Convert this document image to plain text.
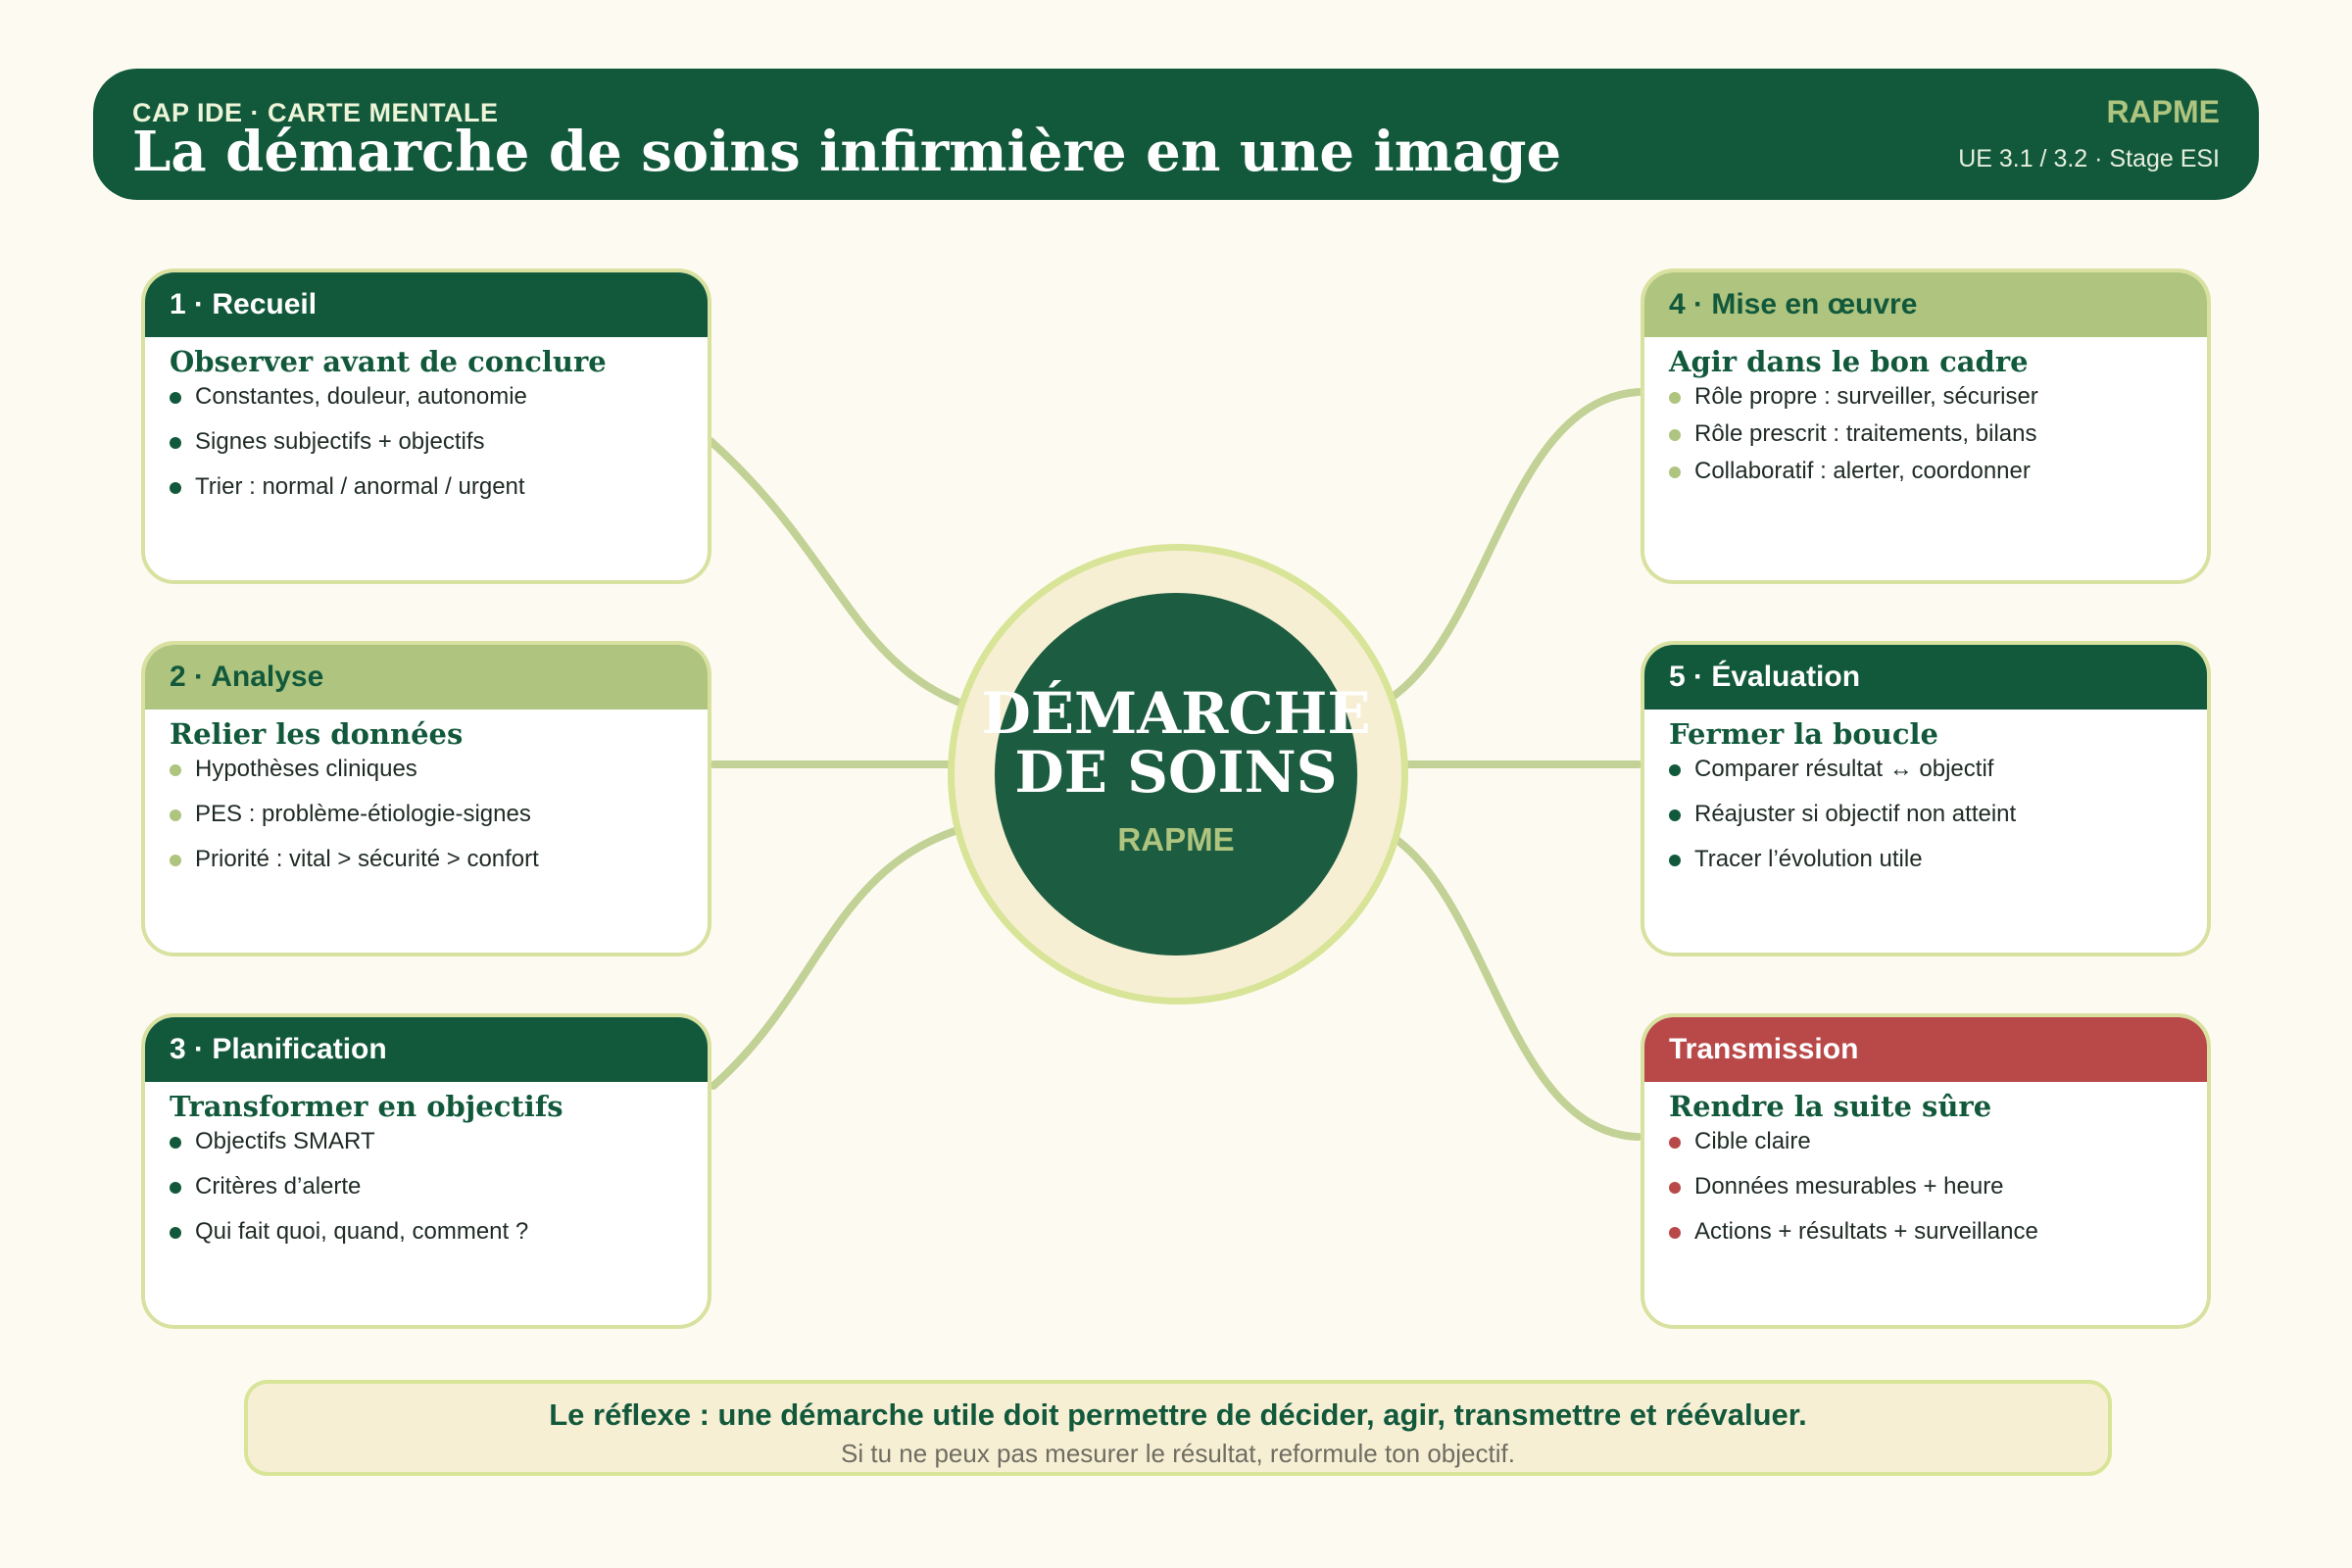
CAP IDE · CARTE MENTALE
La démarche de soins infirmière en une image
RAPME
UE 3.1 / 3.2 · Stage ESI
1 · Recueil
Observer avant de conclure
Constantes, douleur, autonomie
Signes subjectifs + objectifs
Trier : normal / anormal / urgent
2 · Analyse
Relier les données
Hypothèses cliniques
PES : problème-étiologie-signes
Priorité : vital > sécurité > confort
3 · Planification
Transformer en objectifs
Objectifs SMART
Critères d’alerte
Qui fait quoi, quand, comment ?
4 · Mise en œuvre
Agir dans le bon cadre
Rôle propre : surveiller, sécuriser
Rôle prescrit : traitements, bilans
Collaboratif : alerter, coordonner
5 · Évaluation
Fermer la boucle
Comparer résultat ↔ objectif
Réajuster si objectif non atteint
Tracer l’évolution utile
Transmission
Rendre la suite sûre
Cible claire
Données mesurables + heure
Actions + résultats + surveillance
DÉMARCHE
DE SOINS
RAPME
Le réflexe : une démarche utile doit permettre de décider, agir, transmettre et réévaluer.
Si tu ne peux pas mesurer le résultat, reformule ton objectif.
